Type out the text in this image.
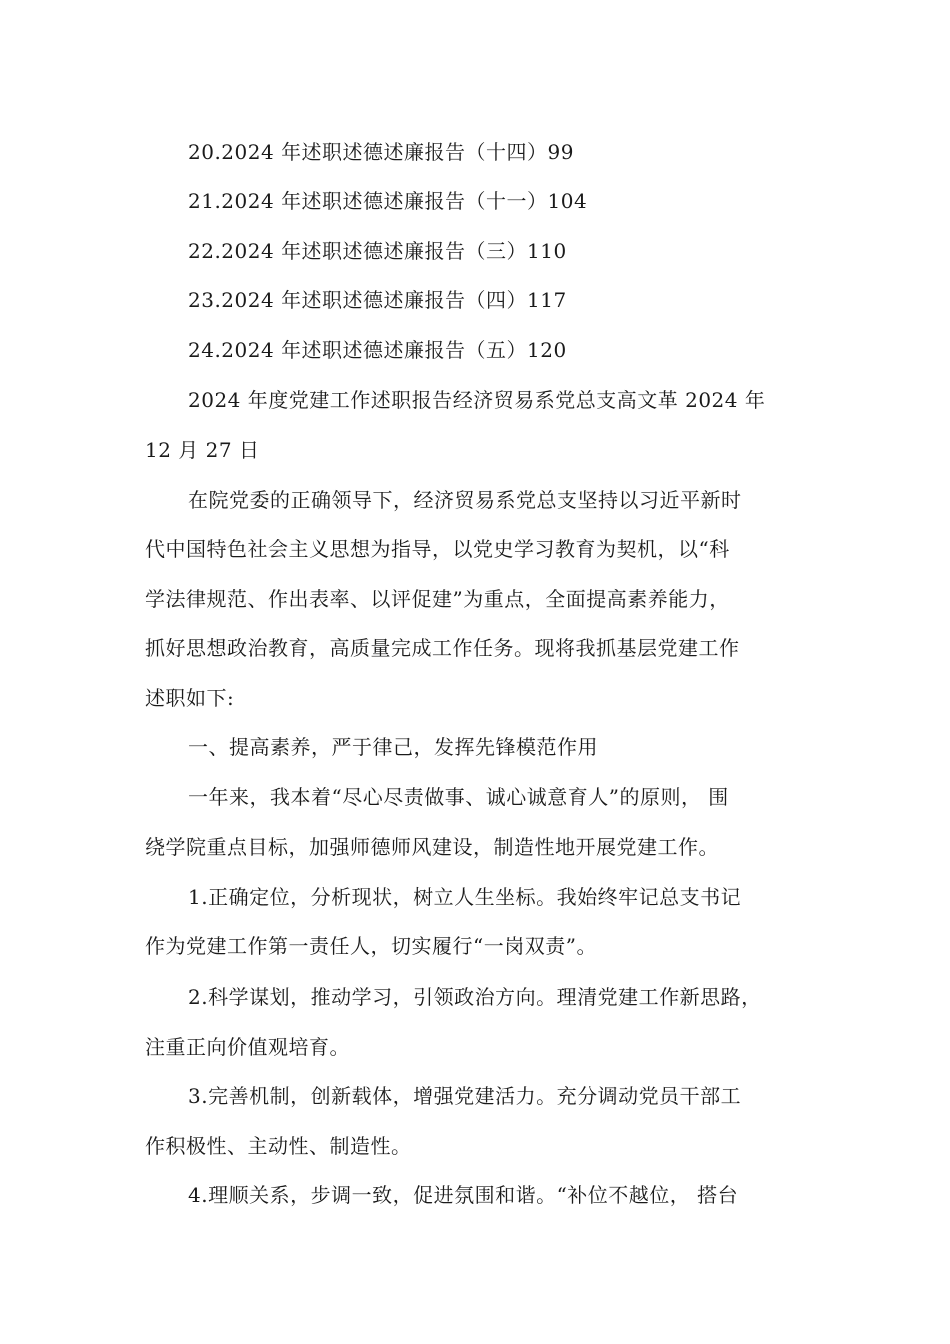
20.2024 年述职述德述廉报告（十四）99
21.2024 年述职述德述廉报告（十一）104
22.2024 年述职述德述廉报告（三）110
23.2024 年述职述德述廉报告（四）117
24.2024 年述职述德述廉报告（五）120
2024 年度党建工作述职报告经济贸易系党总支高文革 2024 年
12 月 27 日
在院党委的正确领导下，经济贸易系党总支坚持以习近平新时
代中国特色社会主义思想为指导，以党史学习教育为契机，以“科
学法律规范、作出表率、以评促建”为重点，全面提高素养能力，
抓好思想政治教育，高质量完成工作任务。现将我抓基层党建工作
述职如下:
一、提高素养，严于律己，发挥先锋模范作用
一年来，我本着“尽心尽责做事、诚心诚意育人”的原则， 围
绕学院重点目标，加强师德师风建设，制造性地开展党建工作。
1.正确定位，分析现状，树立人生坐标。我始终牢记总支书记
作为党建工作第一责任人，切实履行“一岗双责”。
2.科学谋划，推动学习，引领政治方向。理清党建工作新思路，
注重正向价值观培育。
3.完善机制，创新载体，增强党建活力。充分调动党员干部工
作积极性、主动性、制造性。
4.理顺关系，步调一致，促进氛围和谐。“补位不越位， 搭台
